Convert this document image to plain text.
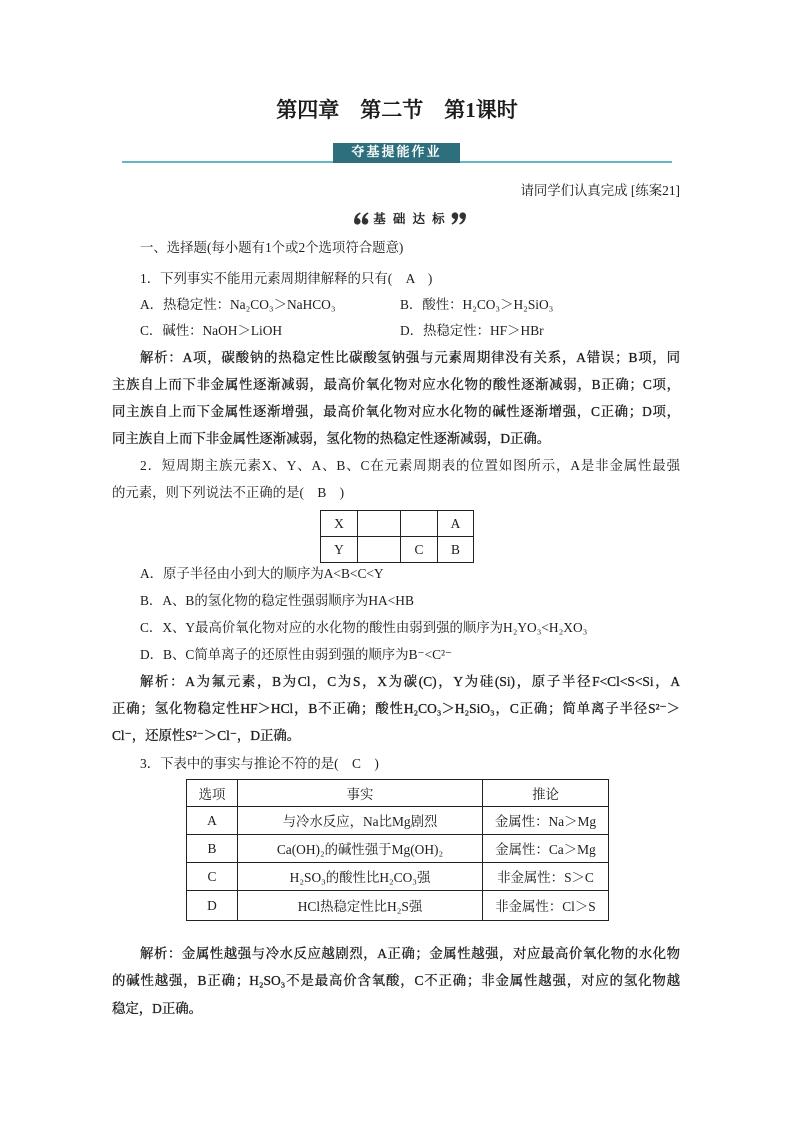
第四章　第二节　第1课时
夺基提能作业
请同学们认真完成 [练案21]
基 础 达 标
一、选择题(每小题有1个或2个选项符合题意)
1．下列事实不能用元素周期律解释的只有(　A　)
A．热稳定性：Na₂CO₃＞NaHCO₃	B．酸性：H₂CO₃＞H₂SiO₃
C．碱性：NaOH＞LiOH	D．热稳定性：HF＞HBr
解析：A项，碳酸钠的热稳定性比碳酸氢钠强与元素周期律没有关系，A错误；B项，同
主族自上而下非金属性逐渐减弱，最高价氧化物对应水化物的酸性逐渐减弱，B正确；C项，
同主族自上而下金属性逐渐增强，最高价氧化物对应水化物的碱性逐渐增强，C正确；D项，
同主族自上而下非金属性逐渐减弱，氢化物的热稳定性逐渐减弱，D正确。
2．短周期主族元素X、Y、A、B、C在元素周期表的位置如图所示，A是非金属性最强
的元素，则下列说法不正确的是(　B　)
X			A
Y		C	B
A．原子半径由小到大的顺序为A<B<C<Y
B．A、B的氢化物的稳定性强弱顺序为HA<HB
C．X、Y最高价氧化物对应的水化物的酸性由弱到强的顺序为H₂YO₃<H₂XO₃
D．B、C简单离子的还原性由弱到强的顺序为B⁻<C²⁻
解析：A为氟元素，B为Cl，C为S，X为碳(C)，Y为硅(Si)，原子半径F<Cl<S<Si，A
正确；氢化物稳定性HF＞HCl，B不正确；酸性H₂CO₃＞H₂SiO₃，C正确；简单离子半径S²⁻＞
Cl⁻，还原性S²⁻＞Cl⁻，D正确。
3．下表中的事实与推论不符的是(　C　)
选项	事实	推论
A	与冷水反应，Na比Mg剧烈	金属性：Na＞Mg
B	Ca(OH)₂的碱性强于Mg(OH)₂	金属性：Ca＞Mg
C	H₂SO₃的酸性比H₂CO₃强	非金属性：S＞C
D	HCl热稳定性比H₂S强	非金属性：Cl＞S
解析：金属性越强与冷水反应越剧烈，A正确；金属性越强，对应最高价氧化物的水化物
的碱性越强，B正确；H₂SO₃不是最高价含氧酸，C不正确；非金属性越强，对应的氢化物越
稳定，D正确。
